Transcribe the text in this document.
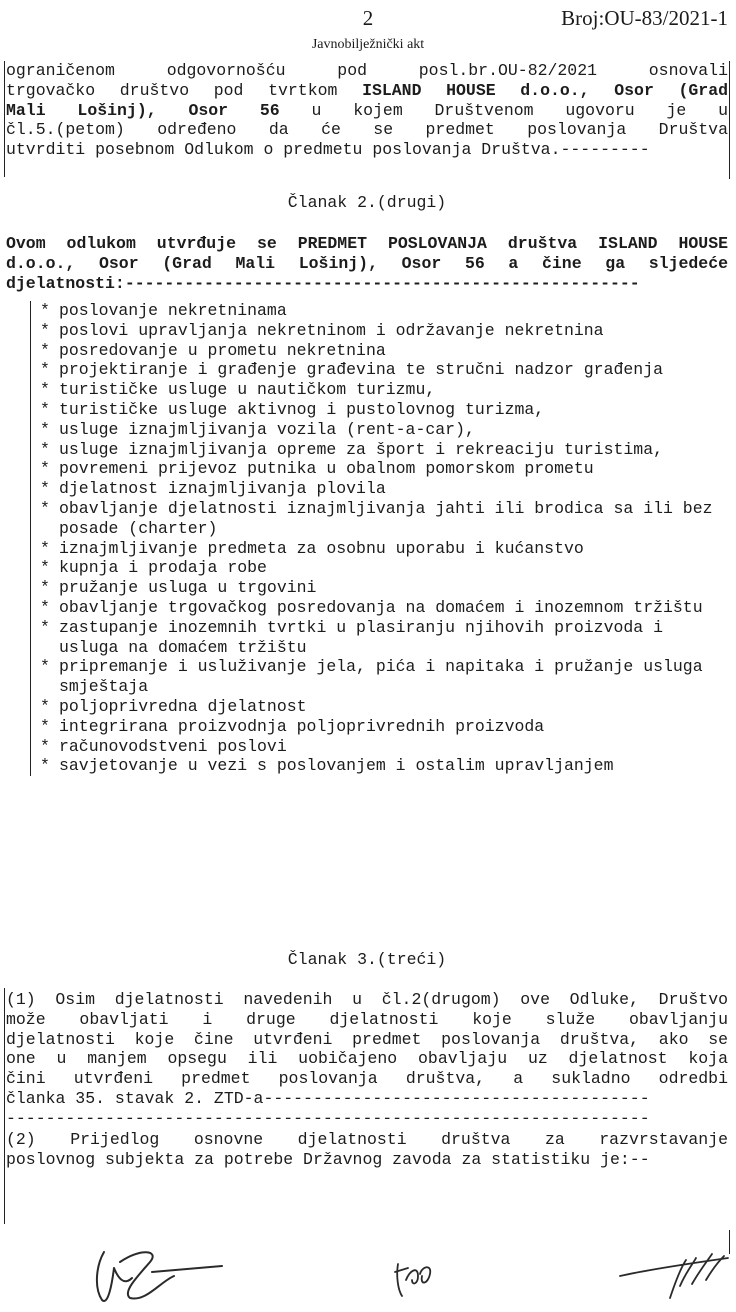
2	Broj:OU-83/2021-1
Javnobilježnički akt
ograničenom odgovornošću pod posl.br.OU-82/2021 osnovali
trgovačko društvo pod tvrtkom ISLAND HOUSE d.o.o., Osor (Grad
Mali Lošinj), Osor 56 u kojem Društvenom ugovoru je u
čl.5.(petom) određeno da će se predmet poslovanja Društva
utvrditi posebnom Odlukom o predmetu poslovanja Društva.---------
Članak 2.(drugi)
Ovom odlukom utvrđuje se PREDMET POSLOVANJA društva ISLAND HOUSE
d.o.o., Osor (Grad Mali Lošinj), Osor 56 a čine ga sljedeće
djelatnosti:----------------------------------------------------
* poslovanje nekretninama
* poslovi upravljanja nekretninom i održavanje nekretnina
* posredovanje u prometu nekretnina
* projektiranje i građenje građevina te stručni nadzor građenja
* turističke usluge u nautičkom turizmu,
* turističke usluge aktivnog i pustolovnog turizma,
* usluge iznajmljivanja vozila (rent-a-car),
* usluge iznajmljivanja opreme za šport i rekreaciju turistima,
* povremeni prijevoz putnika u obalnom pomorskom prometu
* djelatnost iznajmljivanja plovila
* obavljanje djelatnosti iznajmljivanja jahti ili brodica sa ili bez posade (charter)
* iznajmljivanje predmeta za osobnu uporabu i kućanstvo
* kupnja i prodaja robe
* pružanje usluga u trgovini
* obavljanje trgovačkog posredovanja na domaćem i inozemnom tržištu
* zastupanje inozemnih tvrtki u plasiranju njihovih proizvoda i usluga na domaćem tržištu
* pripremanje i usluživanje jela, pića i napitaka i pružanje usluga smještaja
* poljoprivredna djelatnost
* integrirana proizvodnja poljoprivrednih proizvoda
* računovodstveni poslovi
* savjetovanje u vezi s poslovanjem i ostalim upravljanjem
Članak 3.(treći)
(1) Osim djelatnosti navedenih u čl.2(drugom) ove Odluke, Društvo
može obavljati i druge djelatnosti koje služe obavljanju
djelatnosti koje čine utvrđeni predmet poslovanja društva, ako se
one u manjem opsegu ili uobičajeno obavljaju uz djelatnost koja
čini utvrđeni predmet poslovanja društva, a sukladno odredbi
članka 35. stavak 2. ZTD-a---------------------------------------
-----------------------------------------------------------------
(2) Prijedlog osnovne djelatnosti društva za razvrstavanje
poslovnog subjekta za potrebe Državnog zavoda za statistiku je:--
